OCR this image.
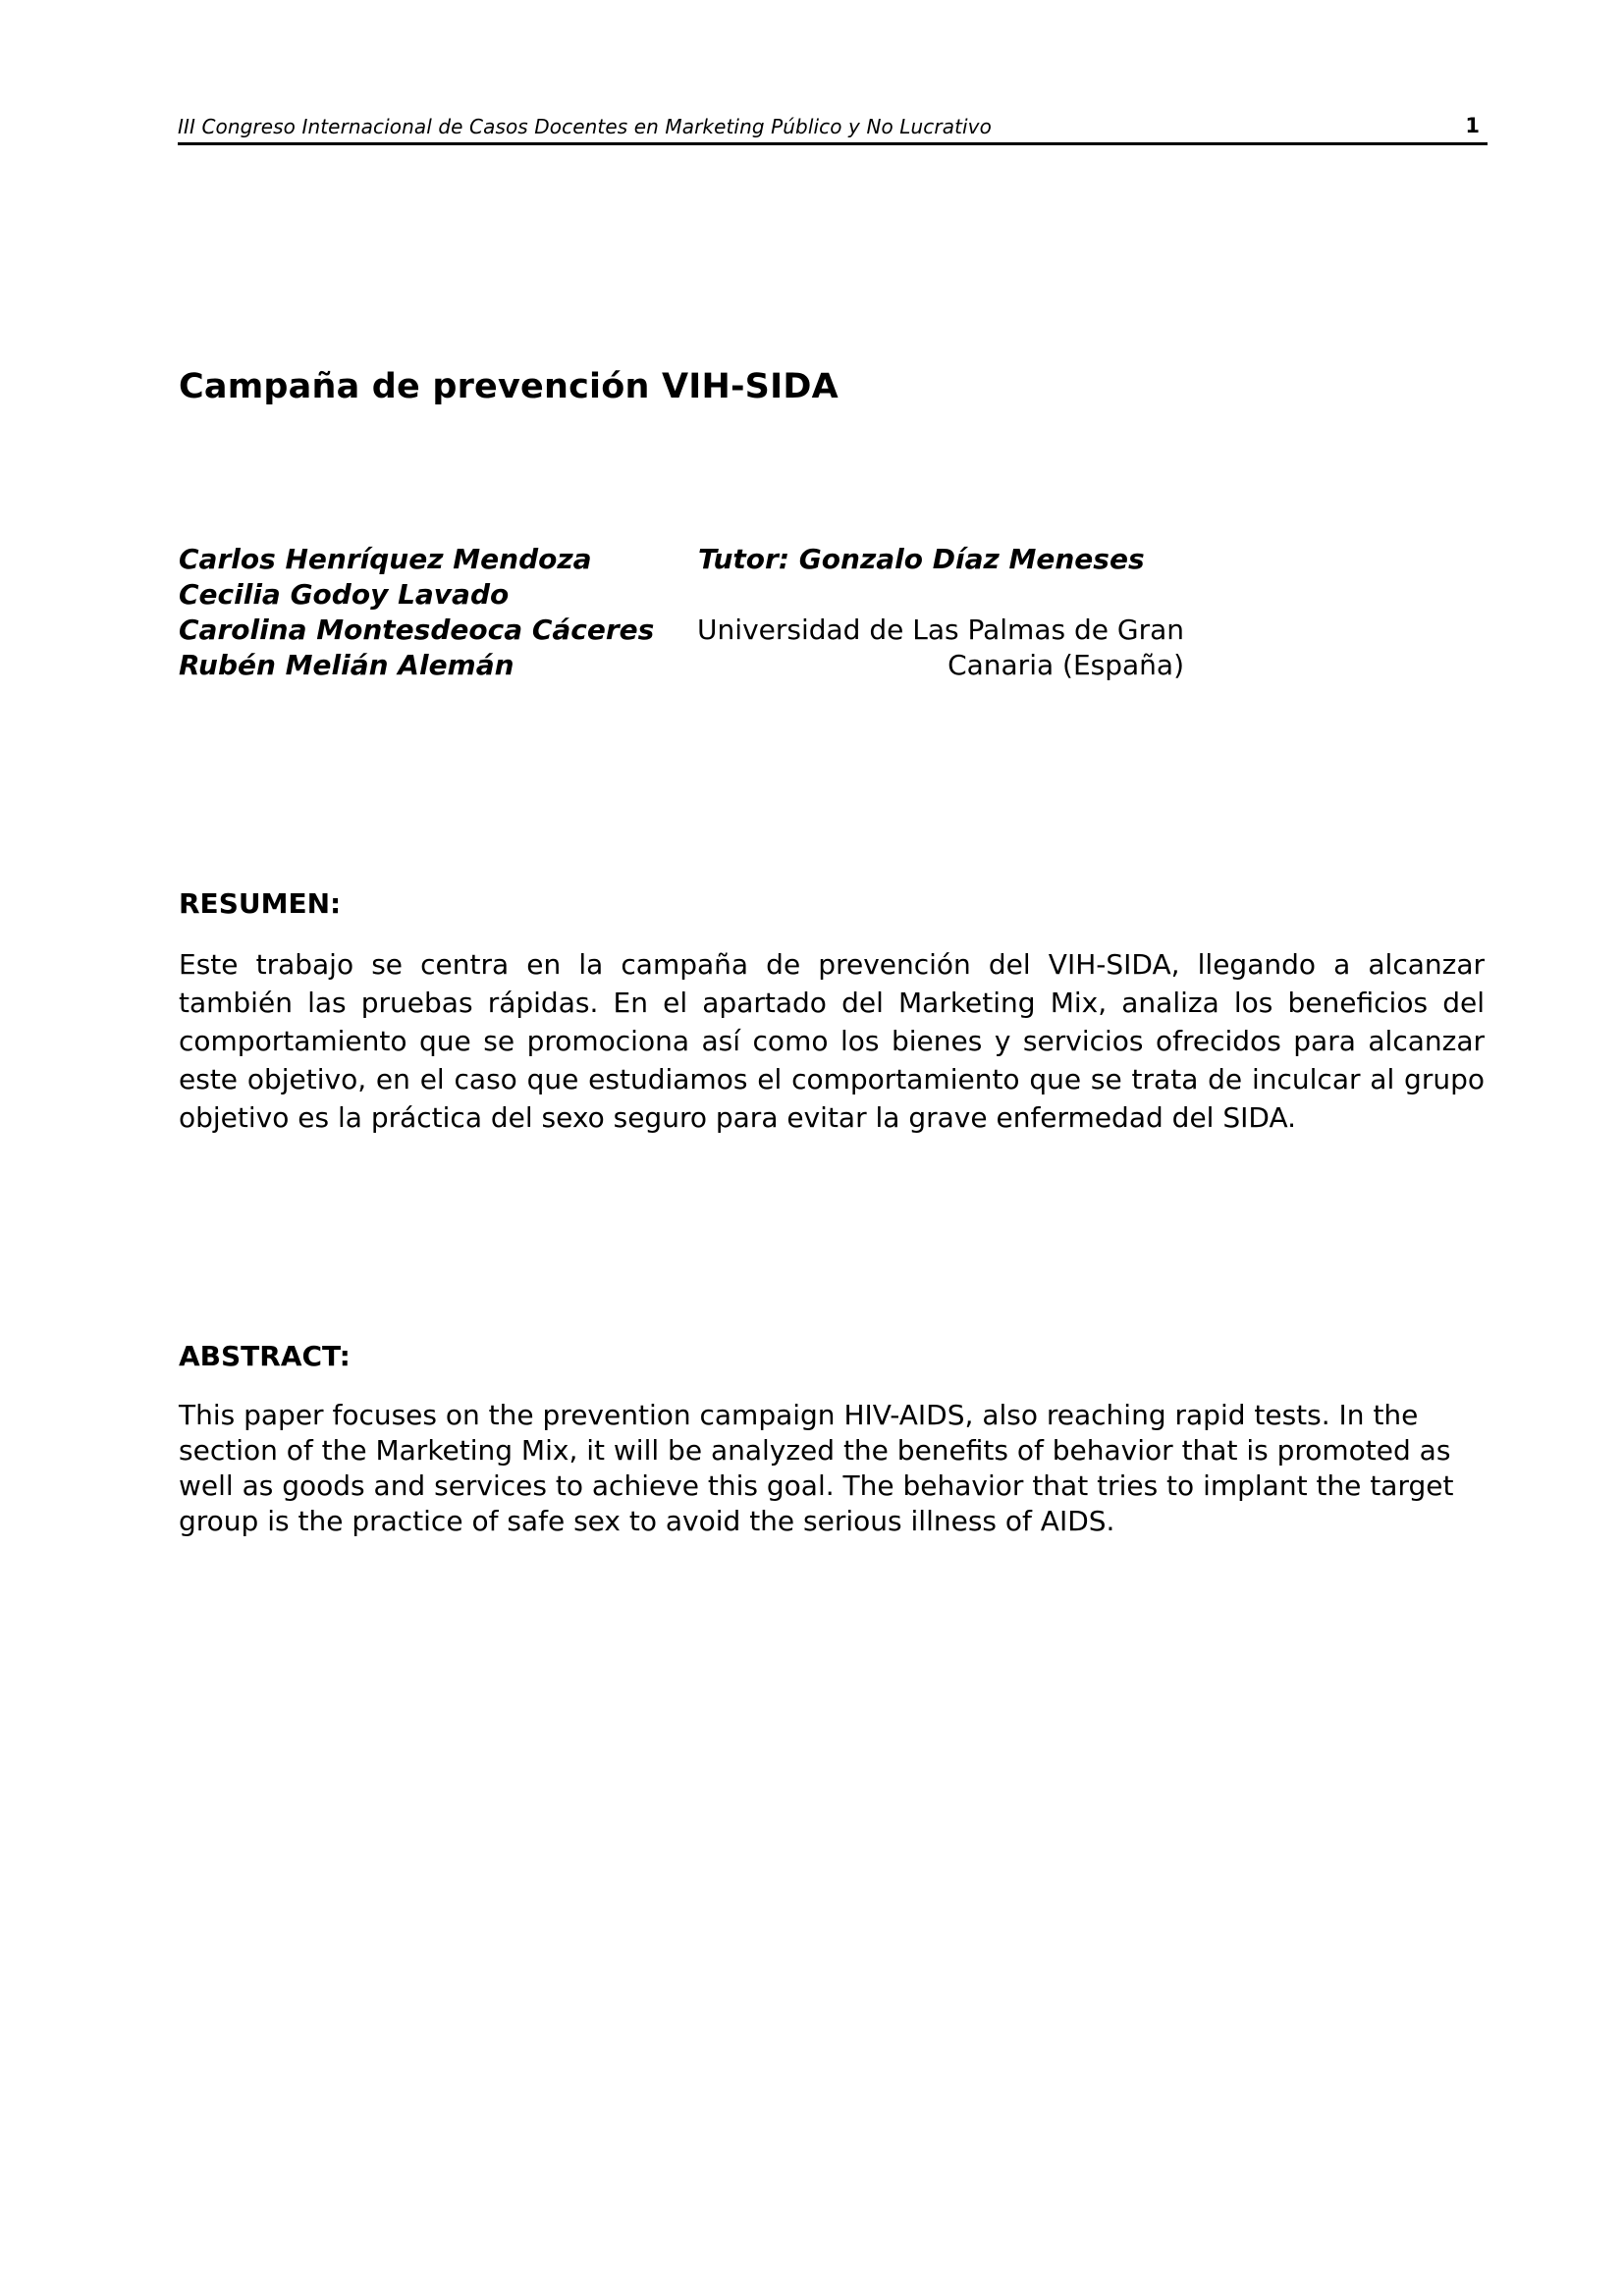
III Congreso Internacional de Casos Docentes en Marketing Público y No Lucrativo	1
Campaña de prevención VIH-SIDA
Carlos Henríquez Mendoza
Cecilia Godoy Lavado
Carolina Montesdeoca Cáceres
Rubén Melián Alemán
Tutor: Gonzalo Díaz Meneses
Universidad de Las Palmas de Gran
Canaria (España)
RESUMEN:

Este trabajo se centra en la campaña de prevención del VIH-SIDA, llegando a alcanzar también las pruebas rápidas. En el apartado del Marketing Mix, analiza los beneficios del comportamiento que se promociona así como los bienes y servicios ofrecidos para alcanzar este objetivo, en el caso que estudiamos el comportamiento que se trata de inculcar al grupo objetivo es la práctica del sexo seguro para evitar la grave enfermedad del SIDA.

ABSTRACT:

This paper focuses on the prevention campaign HIV-AIDS, also reaching rapid tests. In the section of the Marketing Mix, it will be analyzed the benefits of behavior that is promoted as well as goods and services to achieve this goal. The behavior that tries to implant the target group is the practice of safe sex to avoid the serious illness of AIDS.
